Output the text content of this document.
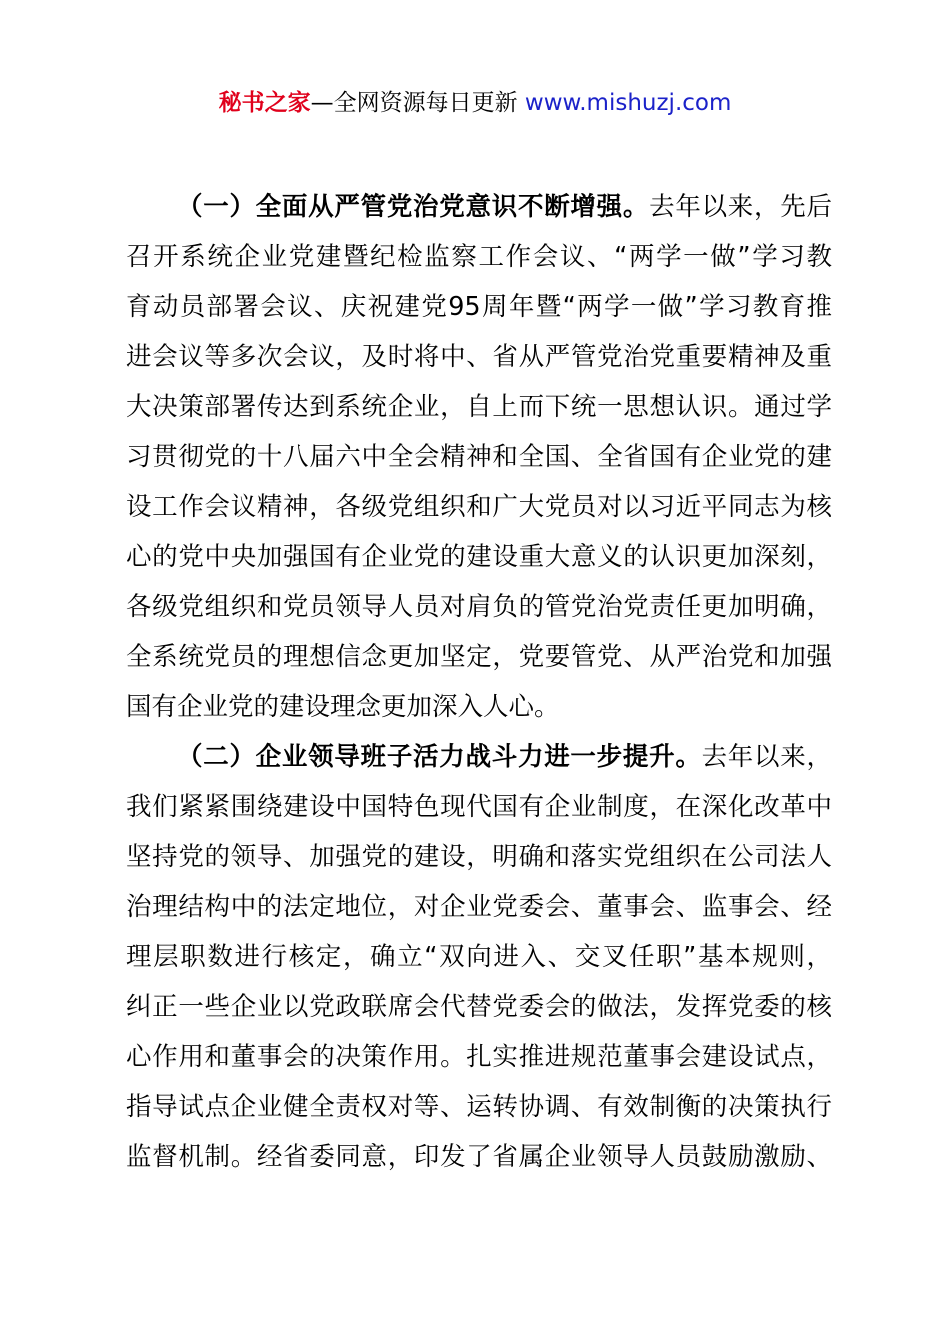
秘书之家—全网资源每日更新 www.mishuzj.com
（一）全面从严管党治党意识不断增强。去年以来，先后
召开系统企业党建暨纪检监察工作会议、“两学一做”学习教
育动员部署会议、庆祝建党95周年暨“两学一做”学习教育推
进会议等多次会议，及时将中、省从严管党治党重要精神及重
大决策部署传达到系统企业，自上而下统一思想认识。通过学
习贯彻党的十八届六中全会精神和全国、全省国有企业党的建
设工作会议精神，各级党组织和广大党员对以习近平同志为核
心的党中央加强国有企业党的建设重大意义的认识更加深刻，
各级党组织和党员领导人员对肩负的管党治党责任更加明确，
全系统党员的理想信念更加坚定，党要管党、从严治党和加强
国有企业党的建设理念更加深入人心。
（二）企业领导班子活力战斗力进一步提升。去年以来，
我们紧紧围绕建设中国特色现代国有企业制度，在深化改革中
坚持党的领导、加强党的建设，明确和落实党组织在公司法人
治理结构中的法定地位，对企业党委会、董事会、监事会、经
理层职数进行核定，确立“双向进入、交叉任职”基本规则，
纠正一些企业以党政联席会代替党委会的做法，发挥党委的核
心作用和董事会的决策作用。扎实推进规范董事会建设试点，
指导试点企业健全责权对等、运转协调、有效制衡的决策执行
监督机制。经省委同意，印发了省属企业领导人员鼓励激励、
